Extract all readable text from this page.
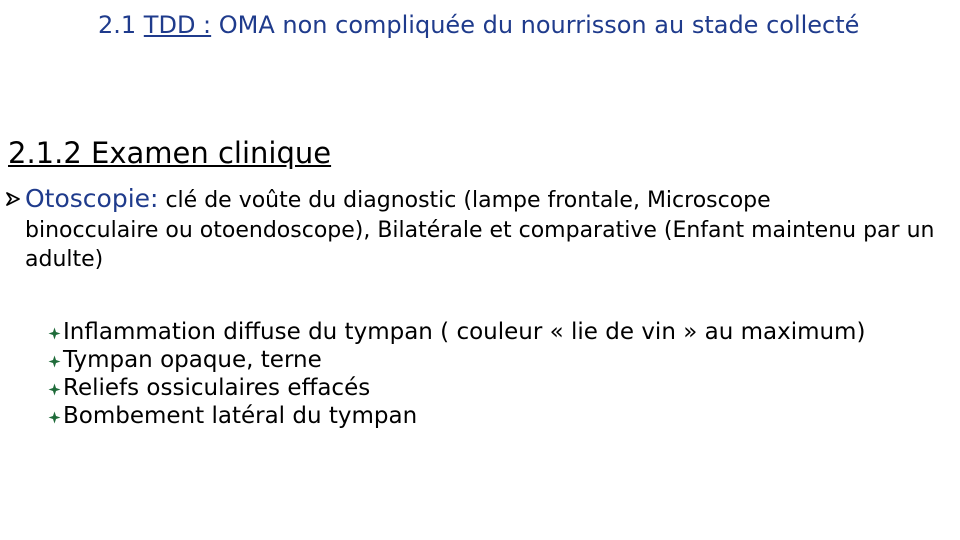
2.1 TDD : OMA non compliquée du nourrisson au stade collecté
2.1.2 Examen clinique
Otoscopie: clé de voûte du diagnostic (lampe frontale, Microscope
binocculaire ou otoendoscope), Bilatérale et comparative (Enfant maintenu par un adulte)
Inflammation diffuse du tympan ( couleur « lie de vin » au maximum)
Tympan opaque, terne
Reliefs ossiculaires effacés
Bombement latéral du tympan
